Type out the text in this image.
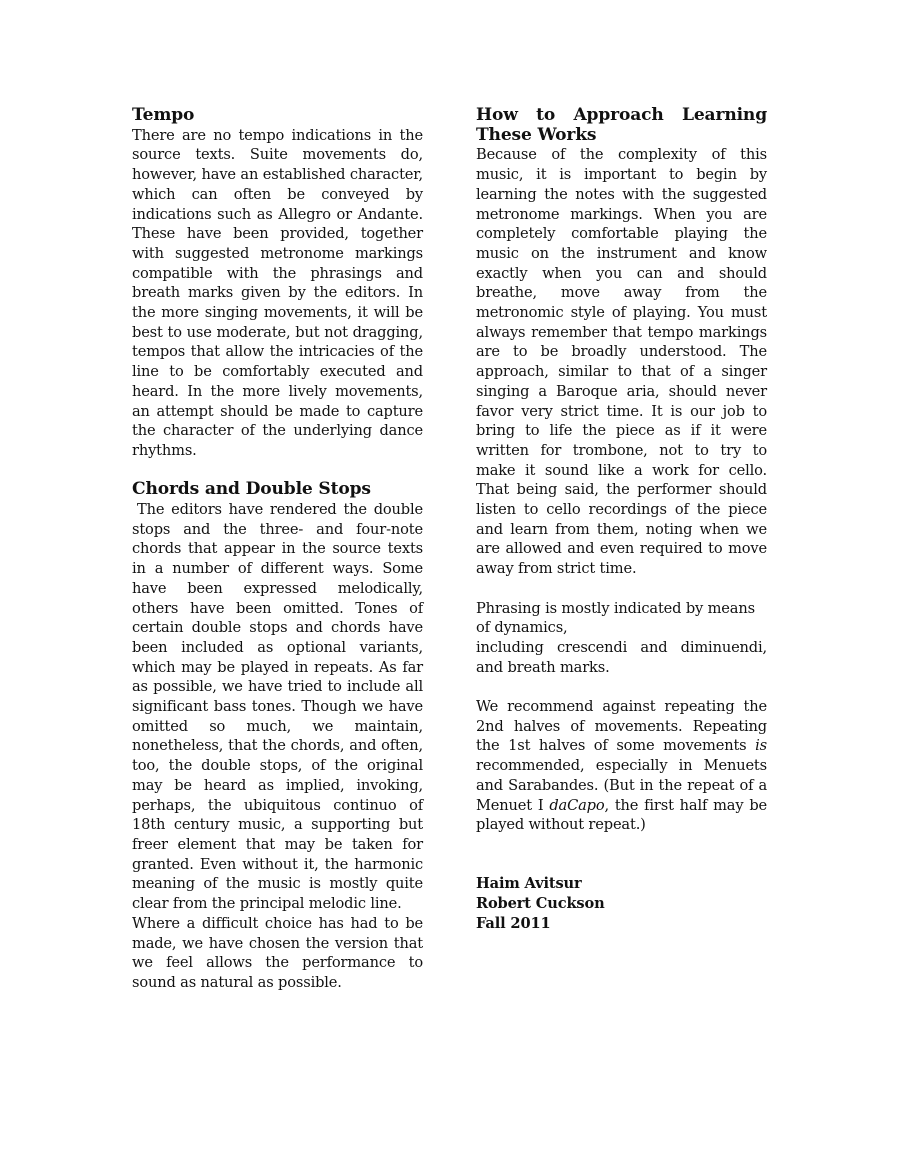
Tempo

There are no tempo indications in the source texts. Suite movements do, however, have an established character, which can often be conveyed by indications such as Allegro or Andante. These have been provided, together with suggested metronome markings compatible with the phrasings and breath marks given by the editors. In the more singing movements, it will be best to use moderate, but not dragging, tempos that allow the intricacies of the line to be comfortably executed and heard. In the more lively movements, an attempt should be made to capture the character of the underlying dance rhythms.

Chords and Double Stops

The editors have rendered the double stops and the three- and four-note chords that appear in the source texts in a number of different ways. Some have been expressed melodically, others have been omitted. Tones of certain double stops and chords have been included as optional variants, which may be played in repeats. As far as possible, we have tried to include all significant bass tones. Though we have omitted so much, we maintain, nonetheless, that the chords, and often, too, the double stops, of the original may be heard as implied, invoking, perhaps, the ubiquitous continuo of 18th century music, a supporting but freer element that may be taken for granted. Even without it, the harmonic meaning of the music is mostly quite clear from the principal melodic line.

Where a difficult choice has had to be made, we have chosen the version that we feel allows the performance to sound as natural as possible.

How to Approach Learning These Works

Because of the complexity of this music, it is important to begin by learning the notes with the suggested metronome markings. When you are completely comfortable playing the music on the instrument and know exactly when you can and should breathe, move away from the metronomic style of playing. You must always remember that tempo markings are to be broadly understood. The approach, similar to that of a singer singing a Baroque aria, should never favor very strict time. It is our job to bring to life the piece as if it were written for trombone, not to try to make it sound like a work for cello. That being said, the performer should listen to cello recordings of the piece and learn from them, noting when we are allowed and even required to move away from strict time.

Phrasing is mostly indicated by means of dynamics,

including crescendi and diminuendi, and breath marks.

We recommend against repeating the 2nd halves of movements. Repeating the 1st halves of some movements is recommended, especially in Menuets and Sarabandes. (But in the repeat of a Menuet I daCapo, the first half may be played without repeat.)

Haim Avitsur
Robert Cuckson
Fall 2011
